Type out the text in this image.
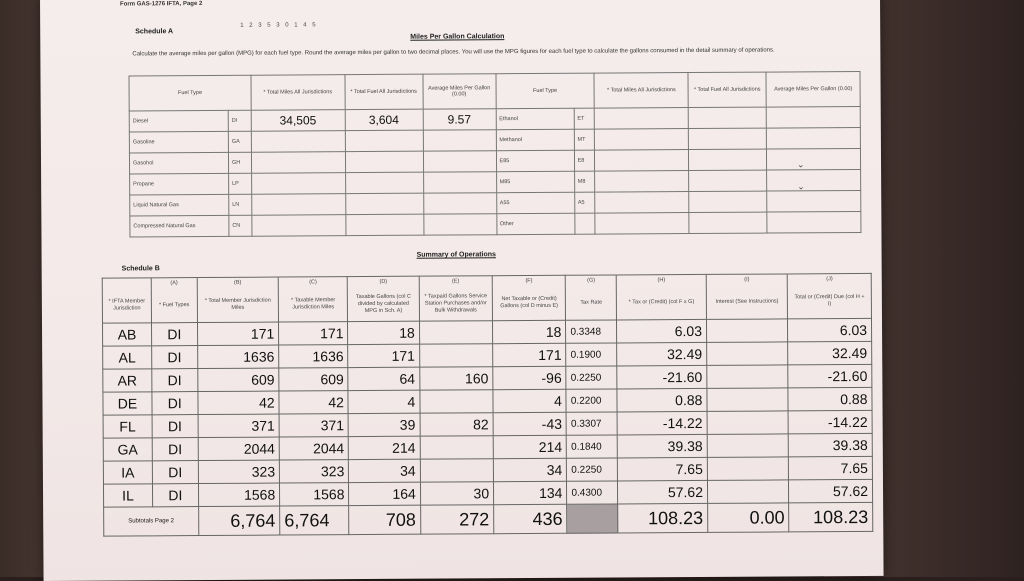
Form GAS-1276 IFTA, Page 2
1 2 3 5 3 0 1 4 5
Schedule A
Miles Per Gallon Calculation
Calculate the average miles per gallon (MPG) for each fuel type. Round the average miles per gallon to two decimal places. You will use the MPG figures for each fuel type to calculate the gallons consumed in the detail summary of operations.
Fuel Type		* Total Miles All Jurisdictions	* Total Fuel All Jurisdictions	Average Miles Per Gallon (0.00)	Fuel Type		* Total Miles All Jurisdictions	* Total Fuel All Jurisdictions	Average Miles Per Gallon (0.00)
Diesel	DI	34,505	3,604	9.57	Ethanol	ET			
Gasoline	GA				Methanol	MT			
Gasohol	GH				E85	E8			
Propane	LP				M85	M8			
Liquid Natural Gas	LN				A55	A5			
Compressed Natural Gas	CN				Other				
⌄
⌄
Summary of Operations
Schedule B
	(A)	(B)	(C)	(D)	(E)	(F)	(G)	(H)	(I)	(J)
* IFTA Member Jurisdiction	* Fuel Types	* Total Member Jurisdiction Miles	* Taxable Member Jurisdiction Miles	Taxable Gallons (col C divided by calculated MPG in Sch. A)	* Taxpaid Gallons Service Station Purchases and/or Bulk Withdrawals	Net Taxable or (Credit) Gallons (col D minus E)	Tax Rate	* Tax or (Credit) (col F x G)	Interest (See Instructions)	Total or (Credit) Due (col H + I)
AB	DI	171	171	18		18	0.3348	6.03		6.03
AL	DI	1636	1636	171		171	0.1900	32.49		32.49
AR	DI	609	609	64	160	-96	0.2250	-21.60		-21.60
DE	DI	42	42	4		4	0.2200	0.88		0.88
FL	DI	371	371	39	82	-43	0.3307	-14.22		-14.22
GA	DI	2044	2044	214		214	0.1840	39.38		39.38
IA	DI	323	323	34		34	0.2250	7.65		7.65
IL	DI	1568	1568	164	30	134	0.4300	57.62		57.62
Subtotals Page 2		6,764	6,764	708	272	436		108.23	0.00	108.23
